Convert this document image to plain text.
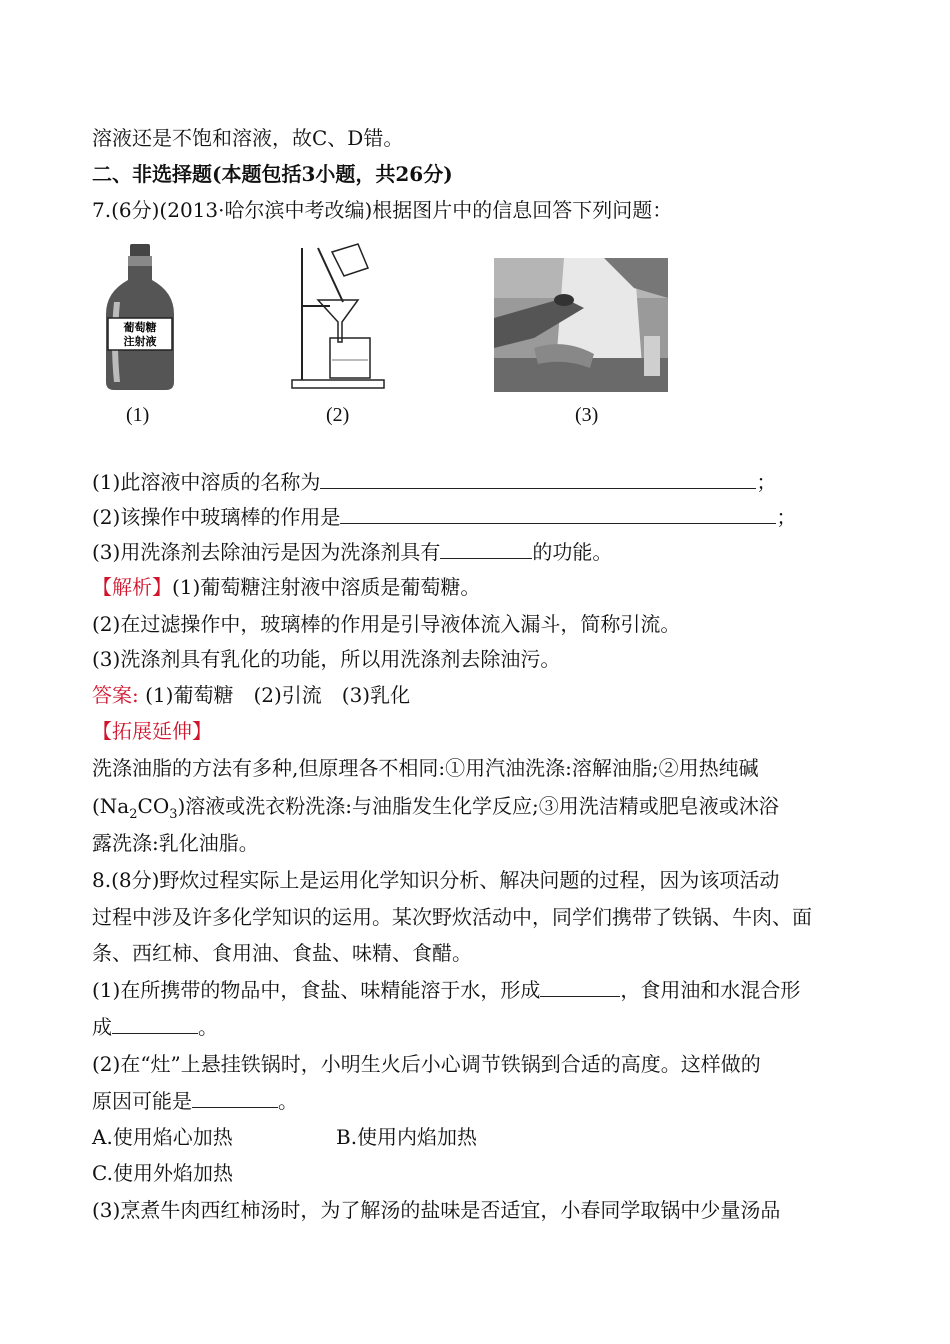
溶液还是不饱和溶液，故C、D错。
二、非选择题(本题包括3小题，共26分)
7.(6分)(2013·哈尔滨中考改编)根据图片中的信息回答下列问题：
葡萄糖
注射液
(1)	(2)	(3)
(1)此溶液中溶质的名称为	；
(2)该操作中玻璃棒的作用是	；
(3)用洗涤剂去除油污是因为洗涤剂具有	的功能。
【解析】(1)葡萄糖注射液中溶质是葡萄糖。
(2)在过滤操作中，玻璃棒的作用是引导液体流入漏斗，简称引流。
(3)洗涤剂具有乳化的功能，所以用洗涤剂去除油污。
答案: (1)葡萄糖　(2)引流　(3)乳化
【拓展延伸】
洗涤油脂的方法有多种,但原理各不相同:①用汽油洗涤:溶解油脂;②用热纯碱
$(Na_2CO_3)$溶液或洗衣粉洗涤:与油脂发生化学反应;③用洗洁精或肥皂液或沐浴
露洗涤:乳化油脂。
8.(8分)野炊过程实际上是运用化学知识分析、解决问题的过程，因为该项活动
过程中涉及许多化学知识的运用。某次野炊活动中，同学们携带了铁锅、牛肉、面
条、西红柿、食用油、食盐、味精、食醋。
(1)在所携带的物品中，食盐、味精能溶于水，形成	，食用油和水混合形
成	。
(2)在“灶”上悬挂铁锅时，小明生火后小心调节铁锅到合适的高度。这样做的
原因可能是	。
A.使用焰心加热	B.使用内焰加热
C.使用外焰加热
(3)烹煮牛肉西红柿汤时，为了解汤的盐味是否适宜，小春同学取锅中少量汤品
